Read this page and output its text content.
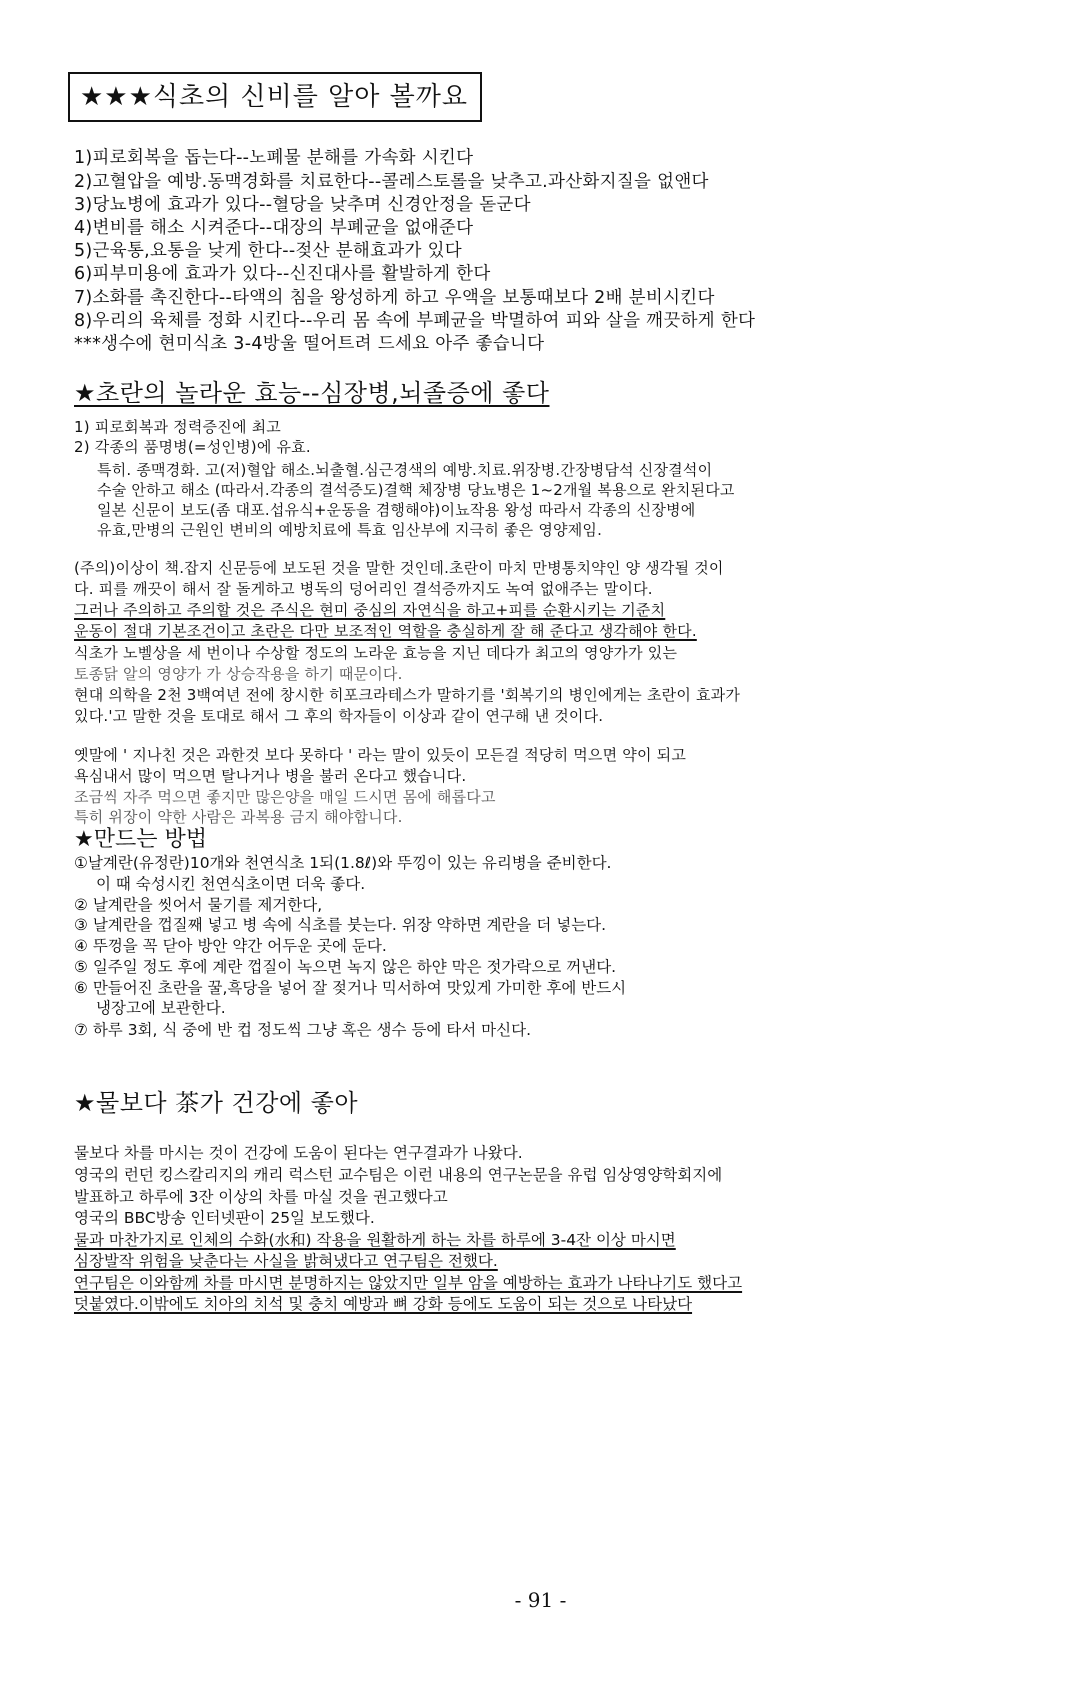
★★★식초의 신비를 알아 볼까요
1)피로회복을 돕는다--노폐물 분해를 가속화 시킨다
2)고혈압을 예방.동맥경화를 치료한다--콜레스토롤을 낮추고.과산화지질을 없앤다
3)당뇨병에 효과가 있다--혈당을 낮추며 신경안정을 돋군다
4)변비를 해소 시켜준다--대장의 부폐균을 없애준다
5)근육통,요통을 낮게 한다--젖산 분해효과가 있다
6)피부미용에 효과가 있다--신진대사를 활발하게 한다
7)소화를 촉진한다--타액의 침을 왕성하게 하고 우액을 보통때보다 2배 분비시킨다
8)우리의 육체를 정화 시킨다--우리 몸 속에 부폐균을 박멸하여 피와 살을 깨끗하게 한다
***생수에 현미식초 3-4방울 떨어트려 드세요 아주 좋습니다
★초란의 놀라운 효능--심장병,뇌졸증에 좋다
1) 피로회복과 정력증진에 최고
2) 각종의 품명병(=성인병)에 유효.
특히. 종맥경화. 고(저)혈압 해소.뇌출혈.심근경색의 예방.치료.위장병.간장병담석 신장결석이
수술 안하고 해소 (따라서.각종의 결석증도)결핵 체장병 당뇨병은 1~2개월 복용으로 완치된다고
일본 신문이 보도(좀 대포.섭유식+운동을 겸행해야)이뇨작용 왕성 따라서 각종의 신장병에
유효,만병의 근원인 변비의 예방치료에 특효 임산부에 지극히 좋은 영양제임.
(주의)이상이 책.잡지 신문등에 보도된 것을 말한 것인데.초란이 마치 만병통치약인 양 생각될 것이
다. 피를 깨끗이 해서 잘 돌게하고 병독의 덩어리인 결석증까지도 녹여 없애주는 말이다.
그러나 주의하고 주의할 것은 주식은 현미 중심의 자연식을 하고+피를 순환시키는 기준치
운동이 절대 기본조건이고 초란은 다만 보조적인 역할을 충실하게 잘 해 준다고 생각해야 한다.
식초가 노벨상을 세 번이나 수상할 정도의 노라운 효능을 지닌 데다가 최고의 영양가가 있는
토종닭 알의 영양가 가 상승작용을 하기 때문이다.
현대 의학을 2천 3백여년 전에 창시한 히포크라테스가 말하기를 '회복기의 병인에게는 초란이 효과가
있다.'고 말한 것을 토대로 해서 그 후의 학자들이 이상과 같이 연구해 낸 것이다.
옛말에 ' 지나친 것은 과한것 보다 못하다 ' 라는 말이 있듯이 모든걸 적당히 먹으면 약이 되고
욕심내서 많이 먹으면 탈나거나 병을 불러 온다고 했습니다.
조금씩 자주 먹으면 좋지만 많은양을 매일 드시면 몸에 해롭다고
특히 위장이 약한 사람은 과복용 금지 해야합니다.
★만드는 방법
①날계란(유정란)10개와 천연식초 1되(1.8ℓ)와 뚜낑이 있는 유리병을 준비한다.
이 때 숙성시킨 천연식초이면 더욱 좋다.
② 날계란을 씻어서 물기를 제거한다,
③ 날계란을 껍질째 넣고 병 속에 식초를 붓는다. 위장 약하면 계란을 더 넣는다.
④ 뚜껑을 꼭 닫아 방안 약간 어두운 곳에 둔다.
⑤ 일주일 정도 후에 계란 껍질이 녹으면 녹지 않은 하얀 막은 젓가락으로 꺼낸다.
⑥ 만들어진 초란을 꿀,흑당을 넣어 잘 젖거나 믹서하여 맛있게 가미한 후에 반드시
냉장고에 보관한다.
⑦ 하루 3회, 식 중에 반 컵 정도씩 그냥 혹은 생수 등에 타서 마신다.
★물보다 茶가 건강에 좋아
물보다 차를 마시는 것이 건강에 도움이 된다는 연구결과가 나왔다.
영국의 런던 킹스칼리지의 캐리 럭스턴 교수팀은 이런 내용의 연구논문을 유럽 임상영양학회지에
발표하고 하루에 3잔 이상의 차를 마실 것을 권고했다고
영국의 BBC방송 인터넷판이 25일 보도했다.
물과 마찬가지로 인체의 수화(水和) 작용을 원활하게 하는 차를 하루에 3-4잔 이상 마시면
심장발작 위험을 낮춘다는 사실을 밝혀냈다고 연구팀은 전했다.
연구팀은 이와함께 차를 마시면 분명하지는 않았지만 일부 암을 예방하는 효과가 나타나기도 했다고
덧붙였다.이밖에도 치아의 치석 및 충치 예방과 뼈 강화 등에도 도움이 되는 것으로 나타났다
- 91 -
